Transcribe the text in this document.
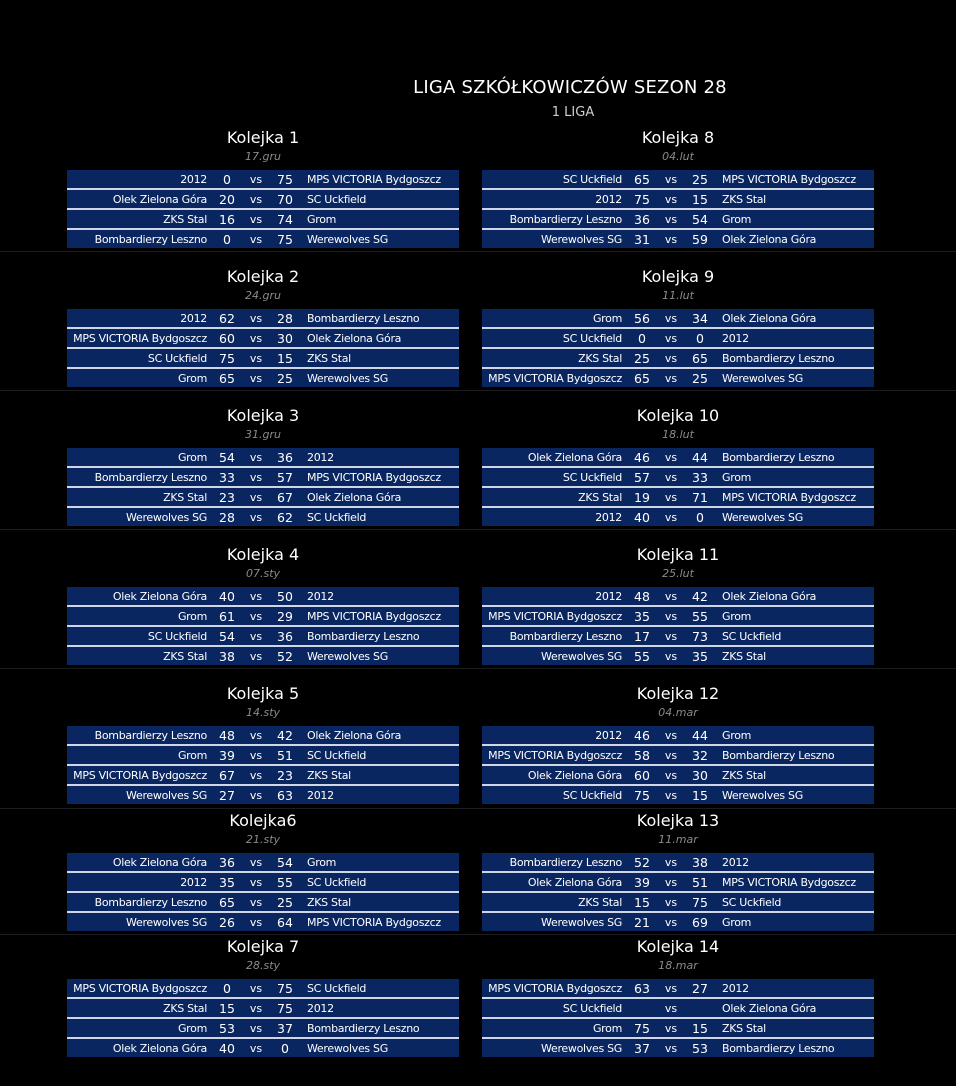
LIGA SZKÓŁKOWICZÓW SEZON 28
1 LIGA
Kolejka 1
17.gru
2012	0	vs	75	MPS VICTORIA Bydgoszcz
Olek Zielona Góra 20	vs	70	SC Uckfield
ZKS Stal 16	vs	74	Grom
Bombardierzy Leszno	0	vs	75	Werewolves SG
Kolejka 8
04.lut
SC Uckfield 65	vs	25	MPS VICTORIA Bydgoszcz
2012 75	vs	15	ZKS Stal
Bombardierzy Leszno 36	vs	54	Grom
Werewolves SG 31	vs	59	Olek Zielona Góra
Kolejka 2
24.gru
2012 62	vs	28	Bombardierzy Leszno
MPS VICTORIA Bydgoszcz 60	vs	30	Olek Zielona Góra
SC Uckfield 75	vs	15	ZKS Stal
Grom 65	vs	25	Werewolves SG
Kolejka 9
11.lut
Grom 56	vs	34	Olek Zielona Góra
SC Uckfield	0	vs	0	2012
ZKS Stal 25	vs	65	Bombardierzy Leszno
MPS VICTORIA Bydgoszcz 65	vs	25	Werewolves SG
Kolejka 3
31.gru
Grom 54	vs	36	2012
Bombardierzy Leszno 33	vs	57	MPS VICTORIA Bydgoszcz
ZKS Stal 23	vs	67	Olek Zielona Góra
Werewolves SG 28	vs	62	SC Uckfield
Kolejka 10
18.lut
Olek Zielona Góra 46	vs	44	Bombardierzy Leszno
SC Uckfield 57	vs	33	Grom
ZKS Stal 19	vs	71	MPS VICTORIA Bydgoszcz
2012 40	vs	0	Werewolves SG
Kolejka 4
07.sty
Olek Zielona Góra 40	vs	50	2012
Grom 61	vs	29	MPS VICTORIA Bydgoszcz
SC Uckfield 54	vs	36	Bombardierzy Leszno
ZKS Stal 38	vs	52	Werewolves SG
Kolejka 11
25.lut
2012 48	vs	42	Olek Zielona Góra
MPS VICTORIA Bydgoszcz 35	vs	55	Grom
Bombardierzy Leszno 17	vs	73	SC Uckfield
Werewolves SG 55	vs	35	ZKS Stal
Kolejka 5
14.sty
Bombardierzy Leszno 48	vs	42	Olek Zielona Góra
Grom 39	vs	51	SC Uckfield
MPS VICTORIA Bydgoszcz 67	vs	23	ZKS Stal
Werewolves SG 27	vs	63	2012
Kolejka 12
04.mar
2012 46	vs	44	Grom
MPS VICTORIA Bydgoszcz 58	vs	32	Bombardierzy Leszno
Olek Zielona Góra 60	vs	30	ZKS Stal
SC Uckfield 75	vs	15	Werewolves SG
Kolejka6
21.sty
Olek Zielona Góra 36	vs	54	Grom
2012 35	vs	55	SC Uckfield
Bombardierzy Leszno 65	vs	25	ZKS Stal
Werewolves SG 26	vs	64	MPS VICTORIA Bydgoszcz
Kolejka 13
11.mar
Bombardierzy Leszno 52	vs	38	2012
Olek Zielona Góra 39	vs	51	MPS VICTORIA Bydgoszcz
ZKS Stal 15	vs	75	SC Uckfield
Werewolves SG 21	vs	69	Grom
Kolejka 7
28.sty
MPS VICTORIA Bydgoszcz	0	vs	75	SC Uckfield
ZKS Stal 15	vs	75	2012
Grom 53	vs	37	Bombardierzy Leszno
Olek Zielona Góra 40	vs	0	Werewolves SG
Kolejka 14
18.mar
MPS VICTORIA Bydgoszcz 63	vs	27	2012
SC Uckfield	vs	Olek Zielona Góra
Grom 75	vs	15	ZKS Stal
Werewolves SG 37	vs	53	Bombardierzy Leszno
